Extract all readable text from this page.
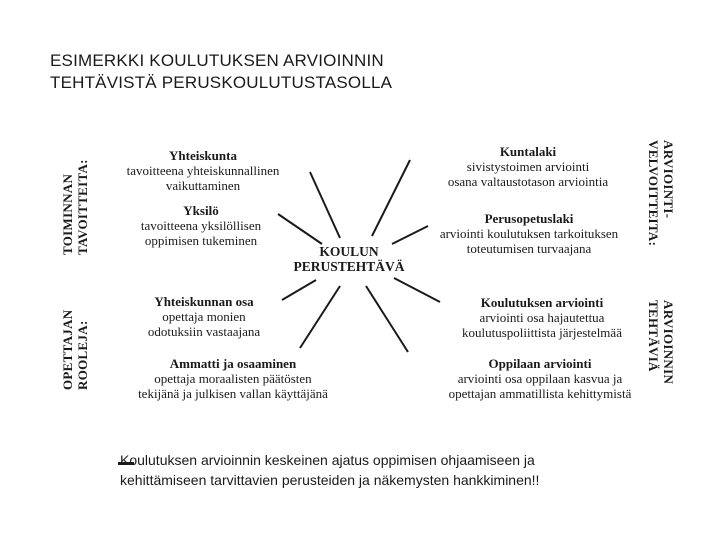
ESIMERKKI KOULUTUKSEN ARVIOINNIN
TEHTÄVISTÄ PERUSKOULUTUSTASOLLA
TOIMINNAN TAVOITTEITA:
OPETTAJAN ROOLEJA:
ARVIOINTI-
VELVOITTEITA:
ARVIOINNIN
TEHTÄVIÄ
KOULUN
PERUSTEHTÄVÄ
Yhteiskunta
tavoitteena yhteiskunnallinen
vaikuttaminen
Yksilö
tavoitteena yksilöllisen
oppimisen tukeminen
Kuntalaki
sivistystoimen arviointi
osana valtaustotason arviointia
Perusopetuslaki
arviointi koulutuksen tarkoituksen
toteutumisen turvaajana
Yhteiskunnan osa
opettaja monien
odotuksiin vastaajana
Ammatti ja osaaminen
opettaja moraalisten päätösten
tekijänä ja julkisen vallan käyttäjänä
Koulutuksen arviointi
arviointi osa hajautettua
koulutuspoliittista järjestelmää
Oppilaan arviointi
arviointi osa oppilaan kasvua ja
opettajan ammatillista kehittymistä
Koulutuksen arvioinnin keskeinen ajatus oppimisen ohjaamiseen ja
kehittämiseen tarvittavien perusteiden ja näkemysten hankkiminen!!
